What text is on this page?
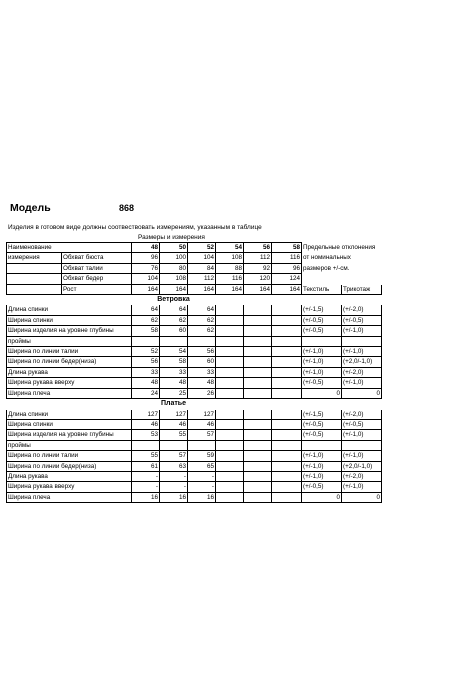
Модель	868
Изделия в готовом виде должны соотвествовать измерениям, указанным в таблице
Размеры и измерения
Наименование		48	50	52	54	56	58	Предельные отклонения	
измерения	Обхват бюста	96	100	104	108	112	116	от номинальных	
	Обхват талии	76	80	84	88	92	96	размеров +/-см.	
	Обхват бедер	104	108	112	116	120	124		
	Рост	164	164	164	164	164	164	Текстиль	Трикотаж
		Ветровка							
Длина спинки		64	64	64				(+/-1,5)	(+/-2,0)
Ширина спинки		62	62	62				(+/-0,5)	(+/-0,5)
Ширина изделия на уровне глубины		58	60	62				(+/-0,5)	(+/-1,0)
проймы									
Ширина по линии талии		52	54	56				(+/-1,0)	(+/-1,0)
Ширина по линии бедер(низа)		56	58	60				(+/-1,0)	(+2,0/-1,0)
Длина рукава		33	33	33				(+/-1,0)	(+/-2,0)
Ширина рукава вверху		48	48	48				(+/-0,5)	(+/-1,0)
Ширина плеча		24	25	26				0	0
		Платье							
Длина спинки		127	127	127				(+/-1,5)	(+/-2,0)
Ширина спинки		46	46	46				(+/-0,5)	(+/-0,5)
Ширина изделия на уровне глубины		53	55	57				(+/-0,5)	(+/-1,0)
проймы									
Ширина по линии талии		55	57	59				(+/-1,0)	(+/-1,0)
Ширина по линии бедер(низа)		61	63	65				(+/-1,0)	(+2,0/-1,0)
Длина рукава		-	-	-				(+/-1,0)	(+/-2,0)
Ширина рукава вверху		-	-	-				(+/-0,5)	(+/-1,0)
Ширина плеча		16	16	16				0	0
